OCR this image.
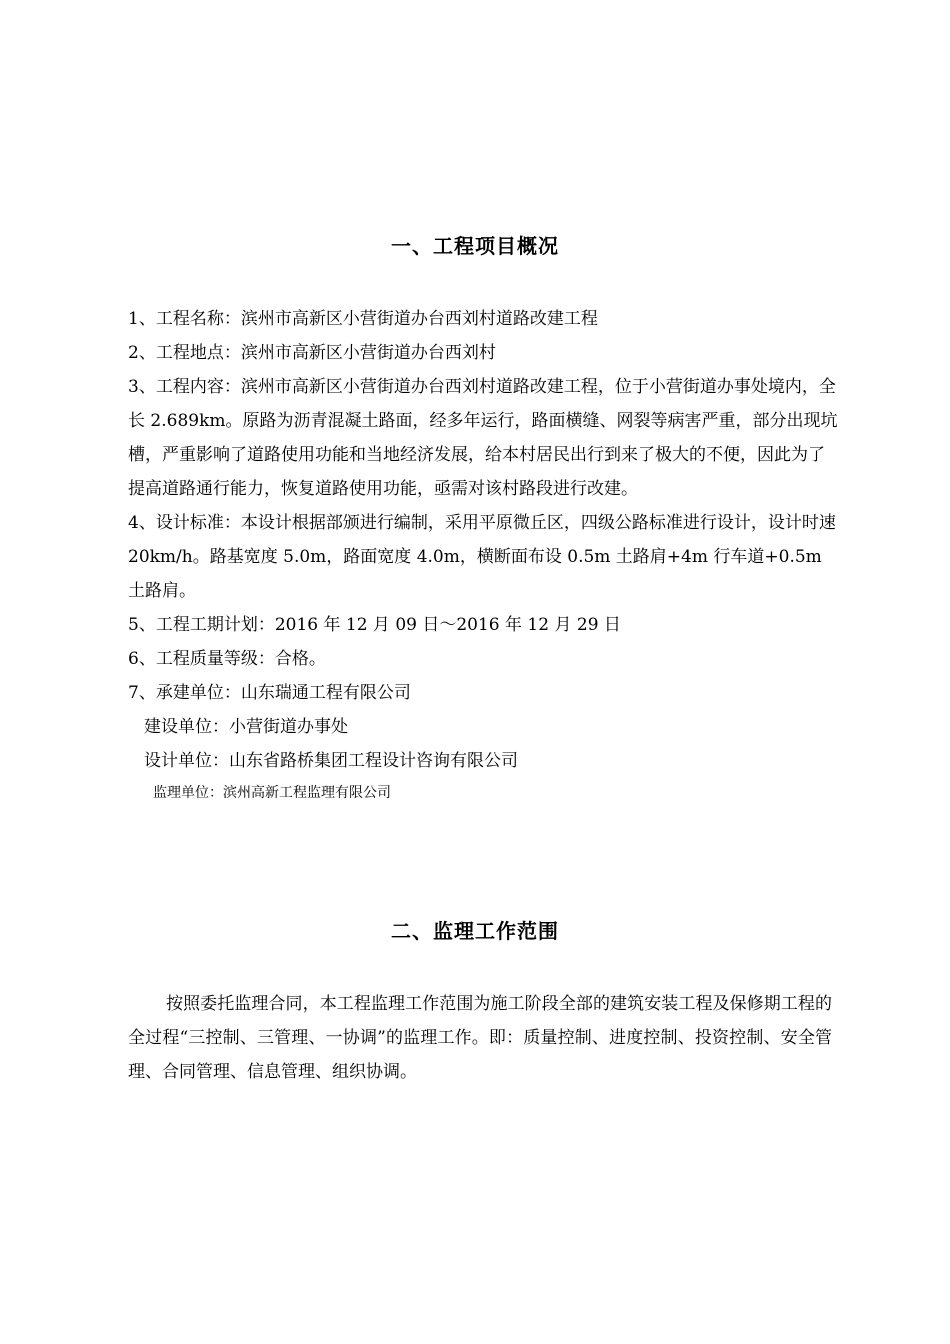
一、工程项目概况
1、工程名称：滨州市高新区小营街道办台西刘村道路改建工程
2、工程地点：滨州市高新区小营街道办台西刘村
3、工程内容：滨州市高新区小营街道办台西刘村道路改建工程，位于小营街道办事处境内，全长 2.689km。原路为沥青混凝土路面，经多年运行，路面横缝、网裂等病害严重，部分出现坑槽，严重影响了道路使用功能和当地经济发展，给本村居民出行到来了极大的不便，因此为了提高道路通行能力，恢复道路使用功能，亟需对该村路段进行改建。
4、设计标准：本设计根据部颁进行编制，采用平原微丘区，四级公路标准进行设计，设计时速 20km/h。路基宽度 5.0m，路面宽度 4.0m，横断面布设 0.5m 土路肩+4m 行车道+0.5m
土路肩。
5、工程工期计划：2016 年 12 月 09 日～2016 年 12 月 29 日
6、工程质量等级：合格。
7、承建单位：山东瑞通工程有限公司
建设单位：小营街道办事处
设计单位：山东省路桥集团工程设计咨询有限公司
监理单位：滨州高新工程监理有限公司
二、监理工作范围
按照委托监理合同，本工程监理工作范围为施工阶段全部的建筑安装工程及保修期工程的全过程“三控制、三管理、一协调”的监理工作。即：质量控制、进度控制、投资控制、安全管理、合同管理、信息管理、组织协调。
